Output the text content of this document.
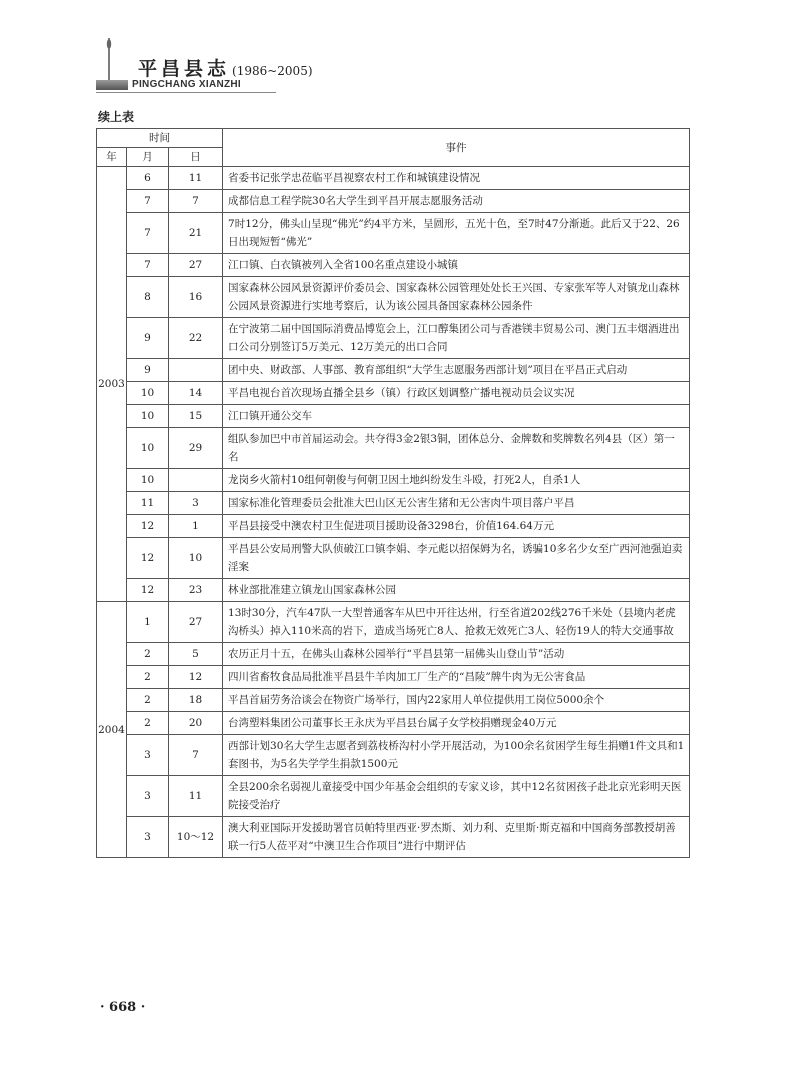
平昌县志 (1986~2005)
PINGCHANG XIANZHI
续上表
时间			事件
年	月	日	
2003	6	11	省委书记张学忠莅临平昌视察农村工作和城镇建设情况
	7	7	成都信息工程学院30名大学生到平昌开展志愿服务活动
	7	21	7时12分，佛头山呈现“佛光”约4平方米，呈圆形，五光十色，至7时47分渐逝。此后又于22、26日出现短暂“佛光”
	7	27	江口镇、白衣镇被列入全省100名重点建设小城镇
	8	16	国家森林公园风景资源评价委员会、国家森林公园管理处处长王兴国、专家张军等人对镇龙山森林公园风景资源进行实地考察后，认为该公园具备国家森林公园条件
	9	22	在宁波第二届中国国际消费品博览会上，江口醇集团公司与香港镁丰贸易公司、澳门五丰烟酒进出口公司分别签订5万美元、12万美元的出口合同
	9		团中央、财政部、人事部、教育部组织“大学生志愿服务西部计划”项目在平昌正式启动
	10	14	平昌电视台首次现场直播全县乡（镇）行政区划调整广播电视动员会议实况
	10	15	江口镇开通公交车
	10	29	组队参加巴中市首届运动会。共夺得3金2银3铜，团体总分、金牌数和奖牌数名列4县（区）第一名
	10		龙岗乡火箭村10组何朝俊与何朝卫因土地纠纷发生斗殴，打死2人，自杀1人
	11	3	国家标准化管理委员会批准大巴山区无公害生猪和无公害肉牛项目落户平昌
	12	1	平昌县接受中澳农村卫生促进项目援助设备3298台，价值164.64万元
	12	10	平昌县公安局刑警大队侦破江口镇李娟、李元彪以招保姆为名，诱骗10多名少女至广西河池强迫卖淫案
	12	23	林业部批准建立镇龙山国家森林公园
2004	1	27	13时30分，汽车47队一大型普通客车从巴中开往达州，行至省道202线276千米处（县境内老虎沟桥头）掉入110米高的岩下，造成当场死亡8人、抢救无效死亡3人、轻伤19人的特大交通事故
	2	5	农历正月十五，在佛头山森林公园举行“平昌县第一届佛头山登山节”活动
	2	12	四川省畜牧食品局批准平昌县牛羊肉加工厂生产的“昌陵”牌牛肉为无公害食品
	2	18	平昌首届劳务洽谈会在物资广场举行，国内22家用人单位提供用工岗位5000余个
	2	20	台湾塑料集团公司董事长王永庆为平昌县台属子女学校捐赠现金40万元
	3	7	西部计划30名大学生志愿者到荔枝桥沟村小学开展活动，为100余名贫困学生每生捐赠1件文具和1套图书，为5名失学学生捐款1500元
	3	11	全县200余名弱视儿童接受中国少年基金会组织的专家义诊，其中12名贫困孩子赴北京光彩明天医院接受治疗
	3	10～12	澳大利亚国际开发援助署官员帕特里西亚·罗杰斯、刘力利、克里斯·斯克福和中国商务部教授胡善联一行5人莅平对“中澳卫生合作项目”进行中期评估
· 668 ·
